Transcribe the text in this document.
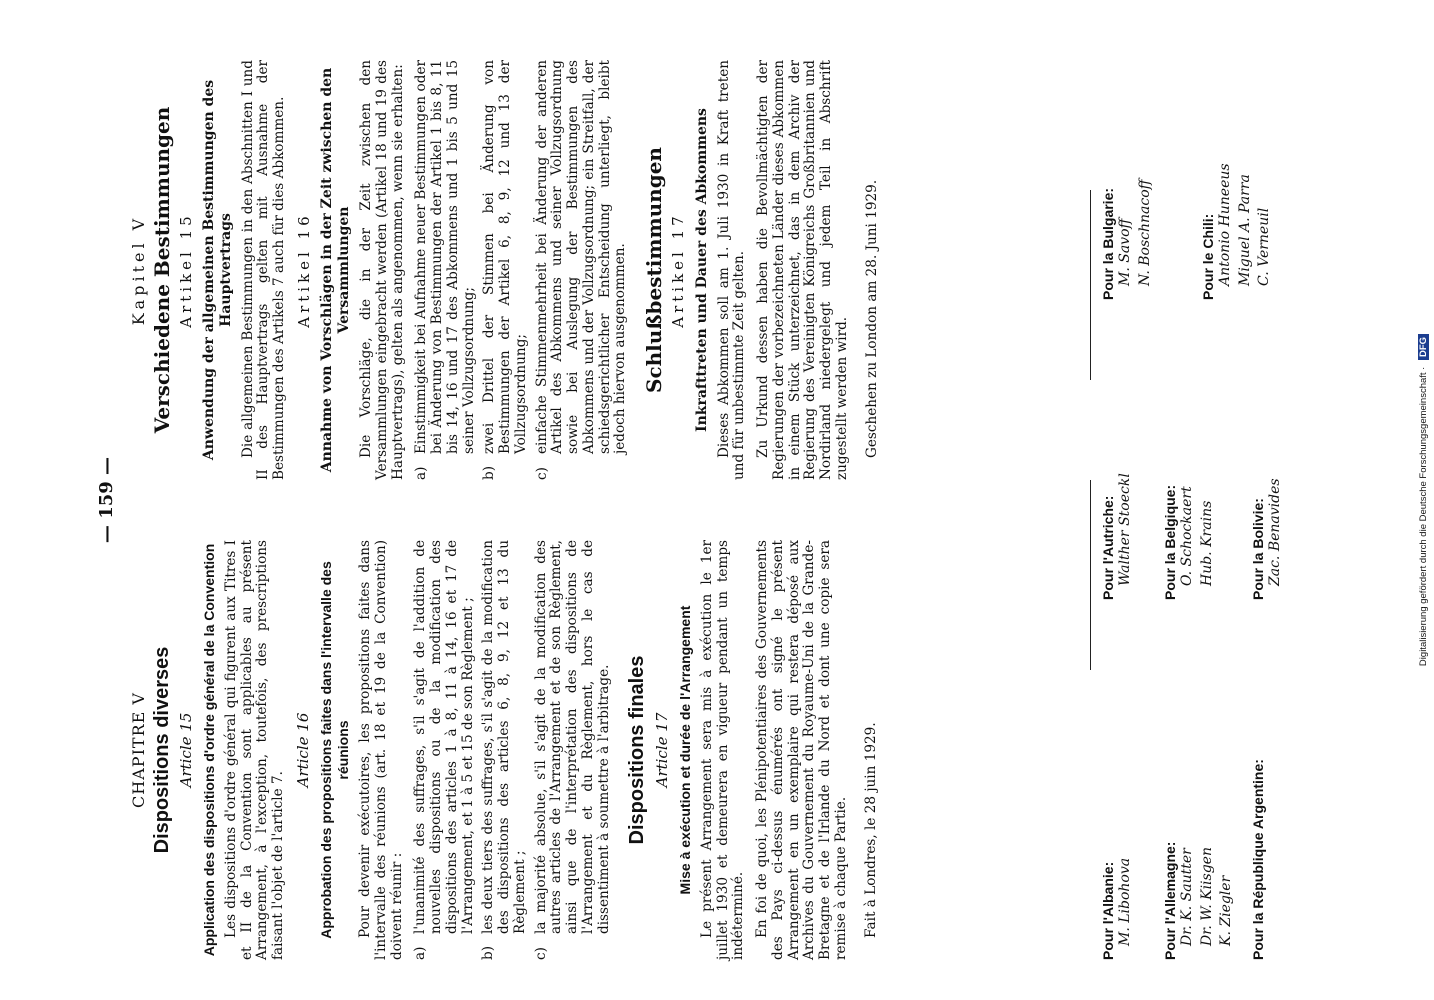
— 159 —
CHAPITRE V Dispositions diverses Article 15 Application des dispositions d'ordre général de la Convention Les dispositions d'ordre général qui figurent aux Titres I et II de la Convention sont applicables au présent Arrangement, à l'exception, toutefois, des prescriptions faisant l'objet de l'article 7.

Article 16 Approbation des propositions faites dans l'intervalle des réunions Pour devenir exécutoires, les propositions faites dans l'intervalle des réunions (art. 18 et 19 de la Convention) doivent réunir : a)
l'unanimité des suffrages, s'il s'agit de l'addition de nouvelles dispositions ou de la modification des dispositions des articles 1 à 8, 11 à 14, 16 et 17 de l'Arrangement, et 1 à 5 et 15 de son Règlement ;
b)
les deux tiers des suffrages, s'il s'agit de la modification des dispositions des articles 6, 8, 9, 12 et 13 du Règlement ;
c)
la majorité absolue, s'il s'agit de la modification des autres articles de l'Arrangement et de son Règlement, ainsi que de l'interprétation des dispositions de l'Arrangement et du Règlement, hors le cas de dissentiment à soumettre à l'arbitrage. Dispositions finales Article 17 Mise à exécution et durée de l'Arrangement Le présent Arrangement sera mis à exécution le 1er juillet 1930 et demeurera en vigueur pendant un temps indéterminé. En foi de quoi, les Plénipotentiaires des Gouvernements des Pays ci-dessus énumérés ont signé le présent Arrangement en un exemplaire qui restera déposé aux Archives du Gouvernement du Royaume-Uni de la Grande-Bretagne et de l'Irlande du Nord et dont une copie sera remise à chaque Partie. Fait à Londres, le 28 juin 1929.

Kapitel V Verschiedene Bestimmungen Artikel 15 Anwendung der allgemeinen Bestimmungen des Hauptvertrags Die allgemeinen Bestimmungen in den Abschnitten I und II des Hauptvertrags gelten mit Ausnahme der Bestimmungen des Artikels 7 auch für dies Abkommen. Artikel 16 Annahme von Vorschlägen in der Zeit zwischen den Versammlungen Die Vorschläge, die in der Zeit zwischen den Versammlungen eingebracht werden (Artikel 18 und 19 des Hauptvertrags), gelten als angenommen, wenn sie erhalten: a)
Einstimmigkeit bei Aufnahme neuer Bestimmungen oder bei Änderung von Bestimmungen der Artikel 1 bis 8, 11 bis 14, 16 und 17 des Abkommens und 1 bis 5 und 15 seiner Vollzugsordnung;
b)
zwei Drittel der Stimmen bei Änderung von Bestimmungen der Artikel 6, 8, 9, 12 und 13 der Vollzugsordnung;
c)
einfache Stimmenmehrheit bei Änderung der anderen Artikel des Abkommens und seiner Vollzugsordnung sowie bei Auslegung der Bestimmungen des Abkommens und der Vollzugsordnung; ein Streitfall, der schiedsgerichtlicher Entscheidung unterliegt, bleibt jedoch hiervon ausgenommen. Schlußbestimmungen Artikel 17 Inkrafttreten und Dauer des Abkommens Dieses Abkommen soll am 1. Juli 1930 in Kraft treten und für unbestimmte Zeit gelten. Zu Urkund dessen haben die Bevollmächtigten der Regierungen der vorbezeichneten Länder dieses Abkommen in einem Stück unterzeichnet, das in dem Archiv der Regierung des Vereinigten Königreichs Großbritannien und Nordirland niedergelegt und jedem Teil in Abschrift zugestellt werden wird. Geschehen zu London am 28. Juni 1929.

Pour l'Albanie: M. Libohova Pour l'Allemagne: Dr. K. Sautter Dr. W. Kiisgen K. Ziegler Pour la République Argentine:
Pour l'Autriche: Walther Stoeckl Pour la Belgique: O. Schockaert Hub. Krains	Pour la Bolivie: Zac. Benavides
Pour la Bulgarie: M. Savoff N. Boschnacoff	Pour le Chili: Antonio Huneeus Miguel A. Parra C. Verneuil
Digitalisierung gefördert durch die Deutsche Forschungsgemeinschaft · DFG
